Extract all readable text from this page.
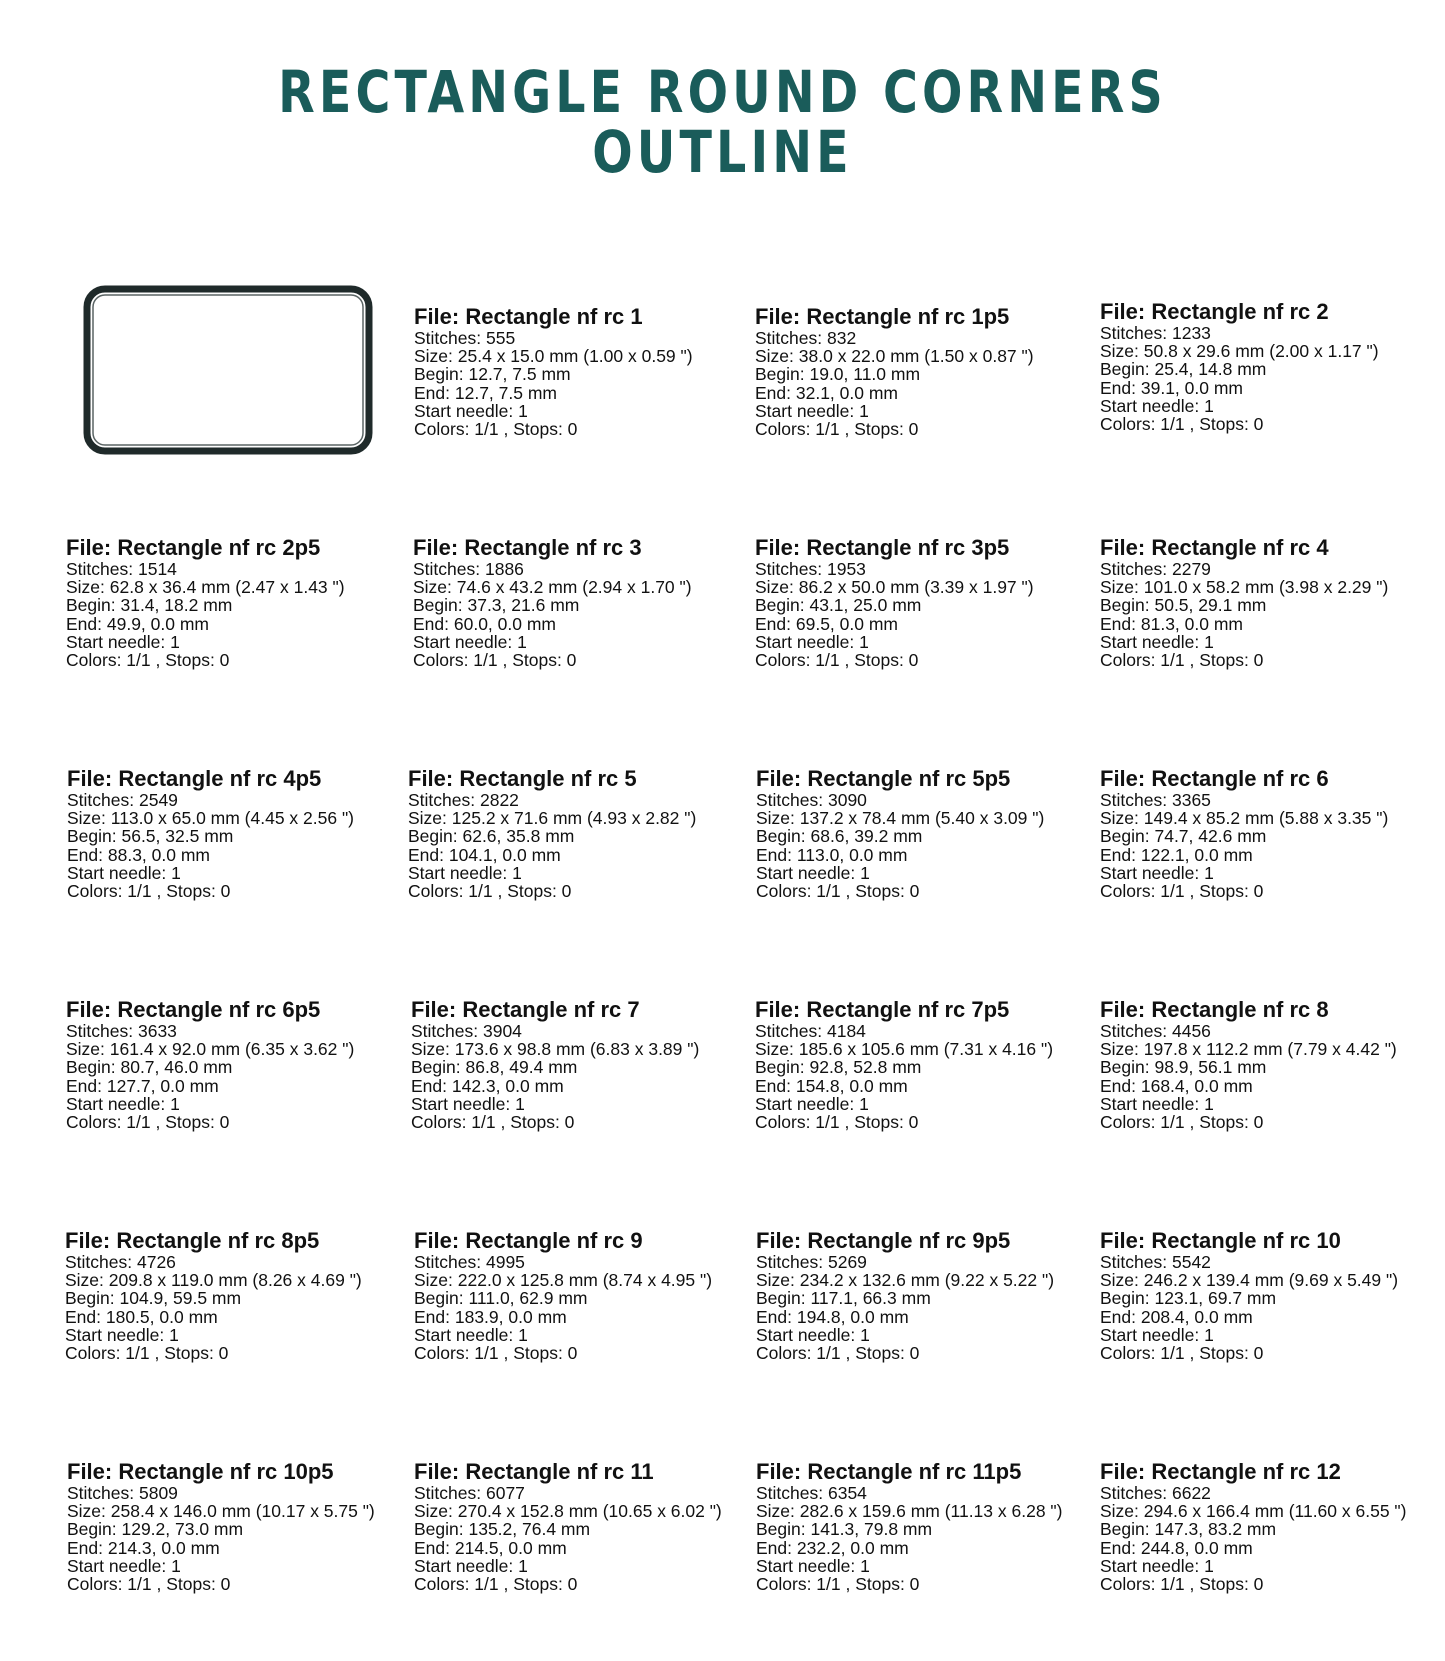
RECTANGLE ROUND CORNERS
OUTLINE
File: Rectangle nf rc 1
Stitches: 555
Size: 25.4 x 15.0 mm (1.00 x 0.59 ")
Begin: 12.7, 7.5 mm
End: 12.7, 7.5 mm
Start needle: 1
Colors: 1/1 , Stops: 0
File: Rectangle nf rc 1p5
Stitches: 832
Size: 38.0 x 22.0 mm (1.50 x 0.87 ")
Begin: 19.0, 11.0 mm
End: 32.1, 0.0 mm
Start needle: 1
Colors: 1/1 , Stops: 0
File: Rectangle nf rc 2
Stitches: 1233
Size: 50.8 x 29.6 mm (2.00 x 1.17 ")
Begin: 25.4, 14.8 mm
End: 39.1, 0.0 mm
Start needle: 1
Colors: 1/1 , Stops: 0
File: Rectangle nf rc 2p5
Stitches: 1514
Size: 62.8 x 36.4 mm (2.47 x 1.43 ")
Begin: 31.4, 18.2 mm
End: 49.9, 0.0 mm
Start needle: 1
Colors: 1/1 , Stops: 0
File: Rectangle nf rc 3
Stitches: 1886
Size: 74.6 x 43.2 mm (2.94 x 1.70 ")
Begin: 37.3, 21.6 mm
End: 60.0, 0.0 mm
Start needle: 1
Colors: 1/1 , Stops: 0
File: Rectangle nf rc 3p5
Stitches: 1953
Size: 86.2 x 50.0 mm (3.39 x 1.97 ")
Begin: 43.1, 25.0 mm
End: 69.5, 0.0 mm
Start needle: 1
Colors: 1/1 , Stops: 0
File: Rectangle nf rc 4
Stitches: 2279
Size: 101.0 x 58.2 mm (3.98 x 2.29 ")
Begin: 50.5, 29.1 mm
End: 81.3, 0.0 mm
Start needle: 1
Colors: 1/1 , Stops: 0
File: Rectangle nf rc 4p5
Stitches: 2549
Size: 113.0 x 65.0 mm (4.45 x 2.56 ")
Begin: 56.5, 32.5 mm
End: 88.3, 0.0 mm
Start needle: 1
Colors: 1/1 , Stops: 0
File: Rectangle nf rc 5
Stitches: 2822
Size: 125.2 x 71.6 mm (4.93 x 2.82 ")
Begin: 62.6, 35.8 mm
End: 104.1, 0.0 mm
Start needle: 1
Colors: 1/1 , Stops: 0
File: Rectangle nf rc 5p5
Stitches: 3090
Size: 137.2 x 78.4 mm (5.40 x 3.09 ")
Begin: 68.6, 39.2 mm
End: 113.0, 0.0 mm
Start needle: 1
Colors: 1/1 , Stops: 0
File: Rectangle nf rc 6
Stitches: 3365
Size: 149.4 x 85.2 mm (5.88 x 3.35 ")
Begin: 74.7, 42.6 mm
End: 122.1, 0.0 mm
Start needle: 1
Colors: 1/1 , Stops: 0
File: Rectangle nf rc 6p5
Stitches: 3633
Size: 161.4 x 92.0 mm (6.35 x 3.62 ")
Begin: 80.7, 46.0 mm
End: 127.7, 0.0 mm
Start needle: 1
Colors: 1/1 , Stops: 0
File: Rectangle nf rc 7
Stitches: 3904
Size: 173.6 x 98.8 mm (6.83 x 3.89 ")
Begin: 86.8, 49.4 mm
End: 142.3, 0.0 mm
Start needle: 1
Colors: 1/1 , Stops: 0
File: Rectangle nf rc 7p5
Stitches: 4184
Size: 185.6 x 105.6 mm (7.31 x 4.16 ")
Begin: 92.8, 52.8 mm
End: 154.8, 0.0 mm
Start needle: 1
Colors: 1/1 , Stops: 0
File: Rectangle nf rc 8
Stitches: 4456
Size: 197.8 x 112.2 mm (7.79 x 4.42 ")
Begin: 98.9, 56.1 mm
End: 168.4, 0.0 mm
Start needle: 1
Colors: 1/1 , Stops: 0
File: Rectangle nf rc 8p5
Stitches: 4726
Size: 209.8 x 119.0 mm (8.26 x 4.69 ")
Begin: 104.9, 59.5 mm
End: 180.5, 0.0 mm
Start needle: 1
Colors: 1/1 , Stops: 0
File: Rectangle nf rc 9
Stitches: 4995
Size: 222.0 x 125.8 mm (8.74 x 4.95 ")
Begin: 111.0, 62.9 mm
End: 183.9, 0.0 mm
Start needle: 1
Colors: 1/1 , Stops: 0
File: Rectangle nf rc 9p5
Stitches: 5269
Size: 234.2 x 132.6 mm (9.22 x 5.22 ")
Begin: 117.1, 66.3 mm
End: 194.8, 0.0 mm
Start needle: 1
Colors: 1/1 , Stops: 0
File: Rectangle nf rc 10
Stitches: 5542
Size: 246.2 x 139.4 mm (9.69 x 5.49 ")
Begin: 123.1, 69.7 mm
End: 208.4, 0.0 mm
Start needle: 1
Colors: 1/1 , Stops: 0
File: Rectangle nf rc 10p5
Stitches: 5809
Size: 258.4 x 146.0 mm (10.17 x 5.75 ")
Begin: 129.2, 73.0 mm
End: 214.3, 0.0 mm
Start needle: 1
Colors: 1/1 , Stops: 0
File: Rectangle nf rc 11
Stitches: 6077
Size: 270.4 x 152.8 mm (10.65 x 6.02 ")
Begin: 135.2, 76.4 mm
End: 214.5, 0.0 mm
Start needle: 1
Colors: 1/1 , Stops: 0
File: Rectangle nf rc 11p5
Stitches: 6354
Size: 282.6 x 159.6 mm (11.13 x 6.28 ")
Begin: 141.3, 79.8 mm
End: 232.2, 0.0 mm
Start needle: 1
Colors: 1/1 , Stops: 0
File: Rectangle nf rc 12
Stitches: 6622
Size: 294.6 x 166.4 mm (11.60 x 6.55 ")
Begin: 147.3, 83.2 mm
End: 244.8, 0.0 mm
Start needle: 1
Colors: 1/1 , Stops: 0
